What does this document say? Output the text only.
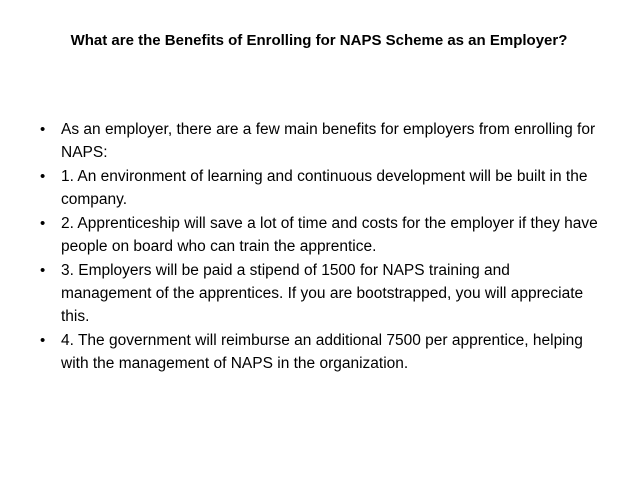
What are the Benefits of Enrolling for NAPS Scheme as an Employer?
•	As an employer, there are a few main benefits for employers from enrolling for NAPS:
•	1. An environment of learning and continuous development will be built in the company.
•	2. Apprenticeship will save a lot of time and costs for the employer if they have people on board who can train the apprentice.
•	3. Employers will be paid a stipend of 1500 for NAPS training and management of the apprentices. If you are bootstrapped, you will appreciate this.
•	4. The government will reimburse an additional 7500 per apprentice, helping with the management of NAPS in the organization.
